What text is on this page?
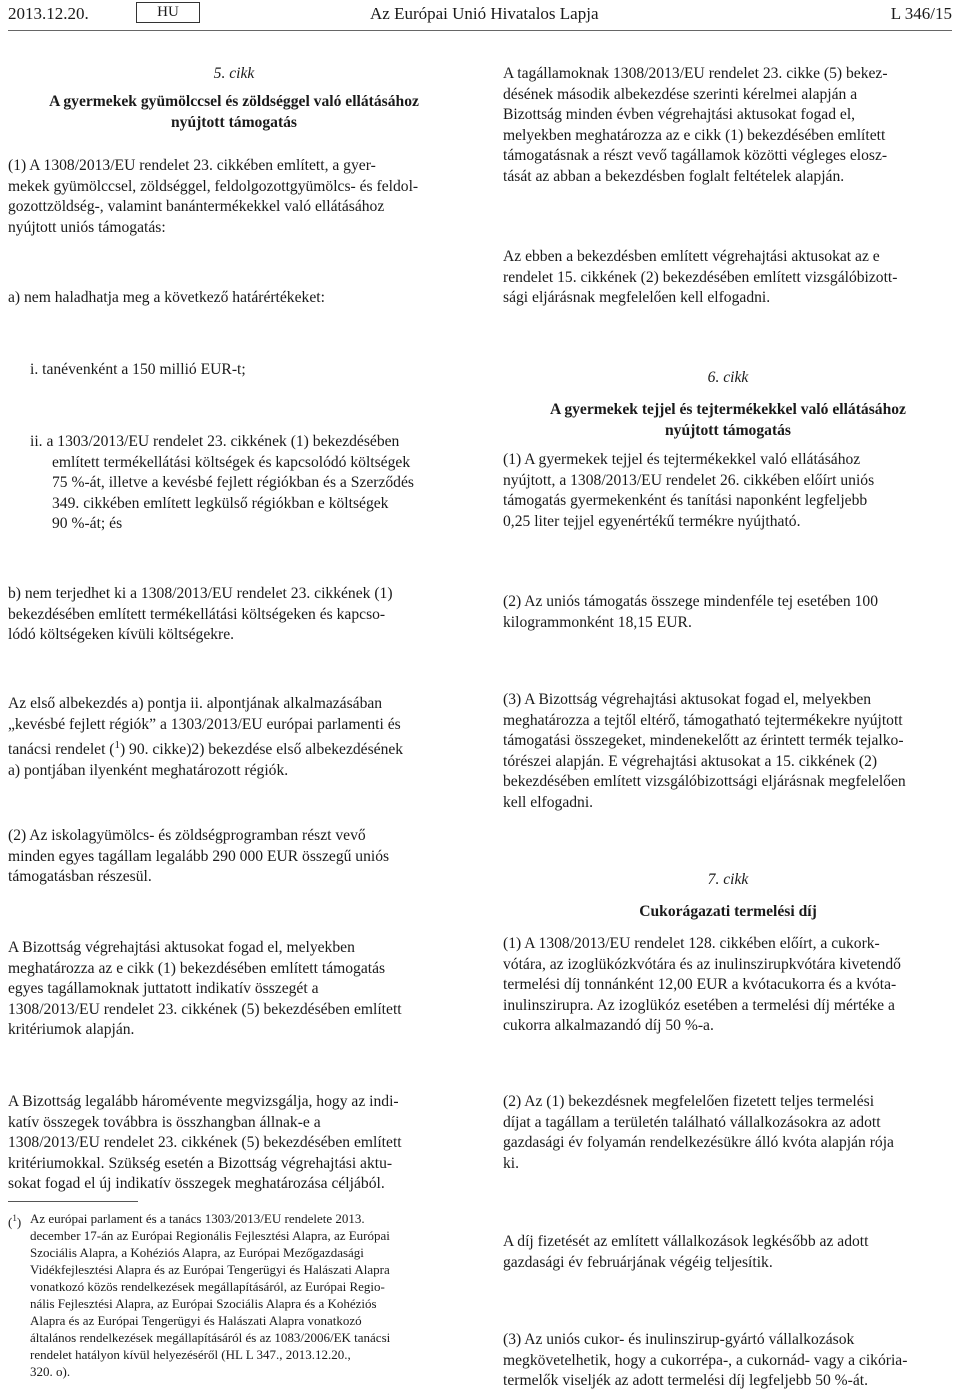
2013.12.20.	HU	Az Európai Unió Hivatalos Lapja	L 346/15
5. cikk
A gyermekek gyümölccsel és zöldséggel való ellátásához
nyújtott támogatás
(1) A 1308/2013/EU rendelet 23. cikkében említett, a gyer-
mekek gyümölccsel, zöldséggel, feldolgozottgyümölcs- és feldol-
gozottzöldség-, valamint banántermékekkel való ellátásához
nyújtott uniós támogatás:
a) nem haladhatja meg a következő határértékeket:
i. tanévenként a 150 millió EUR-t;
ii. a 1303/2013/EU rendelet 23. cikkének (1) bekezdésében
említett termékellátási költségek és kapcsolódó költségek
75 %-át, illetve a kevésbé fejlett régiókban és a Szerződés
349. cikkében említett legkülső régiókban e költségek
90 %-át; és
b) nem terjedhet ki a 1308/2013/EU rendelet 23. cikkének (1)
bekezdésében említett termékellátási költségeken és kapcso-
lódó költségeken kívüli költségekre.
Az első albekezdés a) pontja ii. alpontjának alkalmazásában
„kevésbé fejlett régiók” a 1303/2013/EU európai parlamenti és
tanácsi rendelet ($^1$) 90. cikke)2) bekezdése első albekezdésének
a) pontjában ilyenként meghatározott régiók.
(2) Az iskolagyümölcs- és zöldségprogramban részt vevő
minden egyes tagállam legalább 290 000 EUR összegű uniós
támogatásban részesül.
A Bizottság végrehajtási aktusokat fogad el, melyekben
meghatározza az e cikk (1) bekezdésében említett támogatás
egyes tagállamoknak juttatott indikatív összegét a
1308/2013/EU rendelet 23. cikkének (5) bekezdésében említett
kritériumok alapján.
A Bizottság legalább háromévente megvizsgálja, hogy az indi-
katív összegek továbbra is összhangban állnak-e a
1308/2013/EU rendelet 23. cikkének (5) bekezdésében említett
kritériumokkal. Szükség esetén a Bizottság végrehajtási aktu-
sokat fogad el új indikatív összegek meghatározása céljából.
($^1$) Az európai parlament és a tanács 1303/2013/EU rendelete 2013.
december 17-án az Európai Regionális Fejlesztési Alapra, az Európai
Szociális Alapra, a Kohéziós Alapra, az Európai Mezőgazdasági
Vidékfejlesztési Alapra és az Európai Tengerügyi és Halászati Alapra
vonatkozó közös rendelkezések megállapításáról, az Európai Regio-
nális Fejlesztési Alapra, az Európai Szociális Alapra és a Kohéziós
Alapra és az Európai Tengerügyi és Halászati Alapra vonatkozó
általános rendelkezések megállapításáról és az 1083/2006/EK tanácsi
rendelet hatályon kívül helyezéséről (HL L 347., 2013.12.20.,
320. o).
A tagállamoknak 1308/2013/EU rendelet 23. cikke (5) bekez-
désének második albekezdése szerinti kérelmei alapján a
Bizottság minden évben végrehajtási aktusokat fogad el,
melyekben meghatározza az e cikk (1) bekezdésében említett
támogatásnak a részt vevő tagállamok közötti végleges elosz-
tását az abban a bekezdésben foglalt feltételek alapján.
Az ebben a bekezdésben említett végrehajtási aktusokat az e
rendelet 15. cikkének (2) bekezdésében említett vizsgálóbizott-
sági eljárásnak megfelelően kell elfogadni.
6. cikk
A gyermekek tejjel és tejtermékekkel való ellátásához
nyújtott támogatás
(1) A gyermekek tejjel és tejtermékekkel való ellátásához
nyújtott, a 1308/2013/EU rendelet 26. cikkében előírt uniós
támogatás gyermekenként és tanítási naponként legfeljebb
0,25 liter tejjel egyenértékű termékre nyújtható.
(2) Az uniós támogatás összege mindenféle tej esetében 100
kilogrammonként 18,15 EUR.
(3) A Bizottság végrehajtási aktusokat fogad el, melyekben
meghatározza a tejtől eltérő, támogatható tejtermékekre nyújtott
támogatási összegeket, mindenekelőtt az érintett termék tejalko-
tórészei alapján. E végrehajtási aktusokat a 15. cikkének (2)
bekezdésében említett vizsgálóbizottsági eljárásnak megfelelően
kell elfogadni.
7. cikk
Cukorágazati termelési díj
(1) A 1308/2013/EU rendelet 128. cikkében előírt, a cukork-
vótára, az izoglükózkvótára és az inulinszirupkvótára kivetendő
termelési díj tonnánként 12,00 EUR a kvótacukorra és a kvóta-
inulinszirupra. Az izoglükóz esetében a termelési díj mértéke a
cukorra alkalmazandó díj 50 %-a.
(2) Az (1) bekezdésnek megfelelően fizetett teljes termelési
díjat a tagállam a területén található vállalkozásokra az adott
gazdasági év folyamán rendelkezésükre álló kvóta alapján rója
ki.
A díj fizetését az említett vállalkozások legkésőbb az adott
gazdasági év februárjának végéig teljesítik.
(3) Az uniós cukor- és inulinszirup-gyártó vállalkozások
megkövetelhetik, hogy a cukorrépa-, a cukornád- vagy a cikória-
termelők viseljék az adott termelési díj legfeljebb 50 %-át.
